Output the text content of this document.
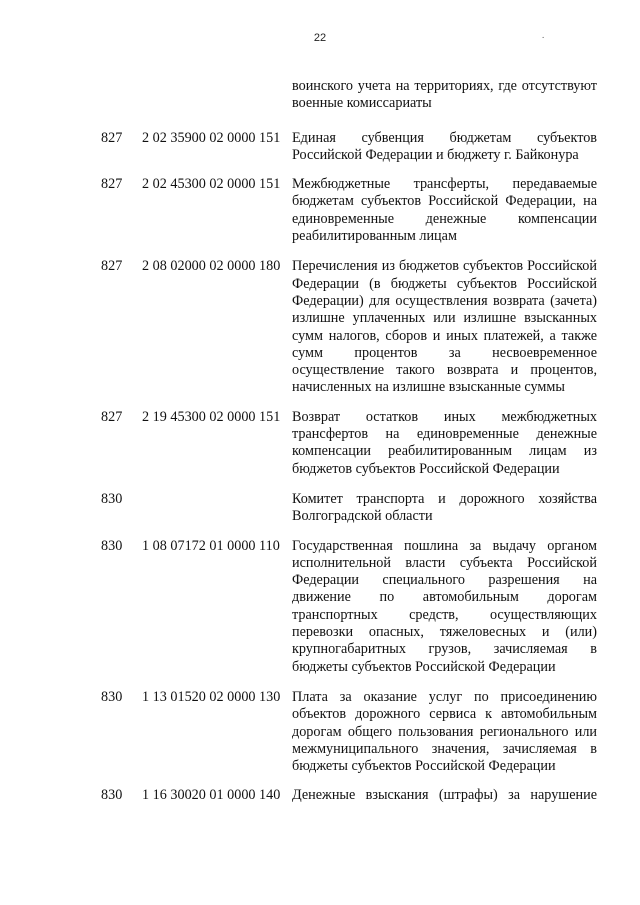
22	.
воинского учета на территориях, где отсутствуют военные комиссариаты
827 2 02 35900 02 0000 151 Единая субвенция бюджетам субъектов Российской Федерации и бюджету г. Байконура
827 2 02 45300 02 0000 151 Межбюджетные трансферты, передаваемые бюджетам субъектов Российской Федерации, на единовременные денежные компенсации реабилитированным лицам
827 2 08 02000 02 0000 180 Перечисления из бюджетов субъектов Российской Федерации (в бюджеты субъектов Российской Федерации) для осуществления возврата (зачета) излишне уплаченных или излишне взысканных сумм налогов, сборов и иных платежей, а также сумм процентов за несвоевременное осуществление такого возврата и процентов, начисленных на излишне взысканные суммы
827 2 19 45300 02 0000 151 Возврат остатков иных межбюджетных трансфертов на единовременные денежные компенсации реабилитированным лицам из бюджетов субъектов Российской Федерации
830	Комитет транспорта и дорожного хозяйства Волгоградской области
830 1 08 07172 01 0000 110 Государственная пошлина за выдачу органом исполнительной власти субъекта Российской Федерации специального разрешения на движение по автомобильным дорогам транспортных средств, осуществляющих перевозки опасных, тяжеловесных и (или) крупногабаритных грузов, зачисляемая в бюджеты субъектов Российской Федерации
830 1 13 01520 02 0000 130 Плата за оказание услуг по присоединению объектов дорожного сервиса к автомобильным дорогам общего пользования регионального или межмуниципального значения, зачисляемая в бюджеты субъектов Российской Федерации
830 1 16 30020 01 0000 140 Денежные взыскания (штрафы) за нарушение
